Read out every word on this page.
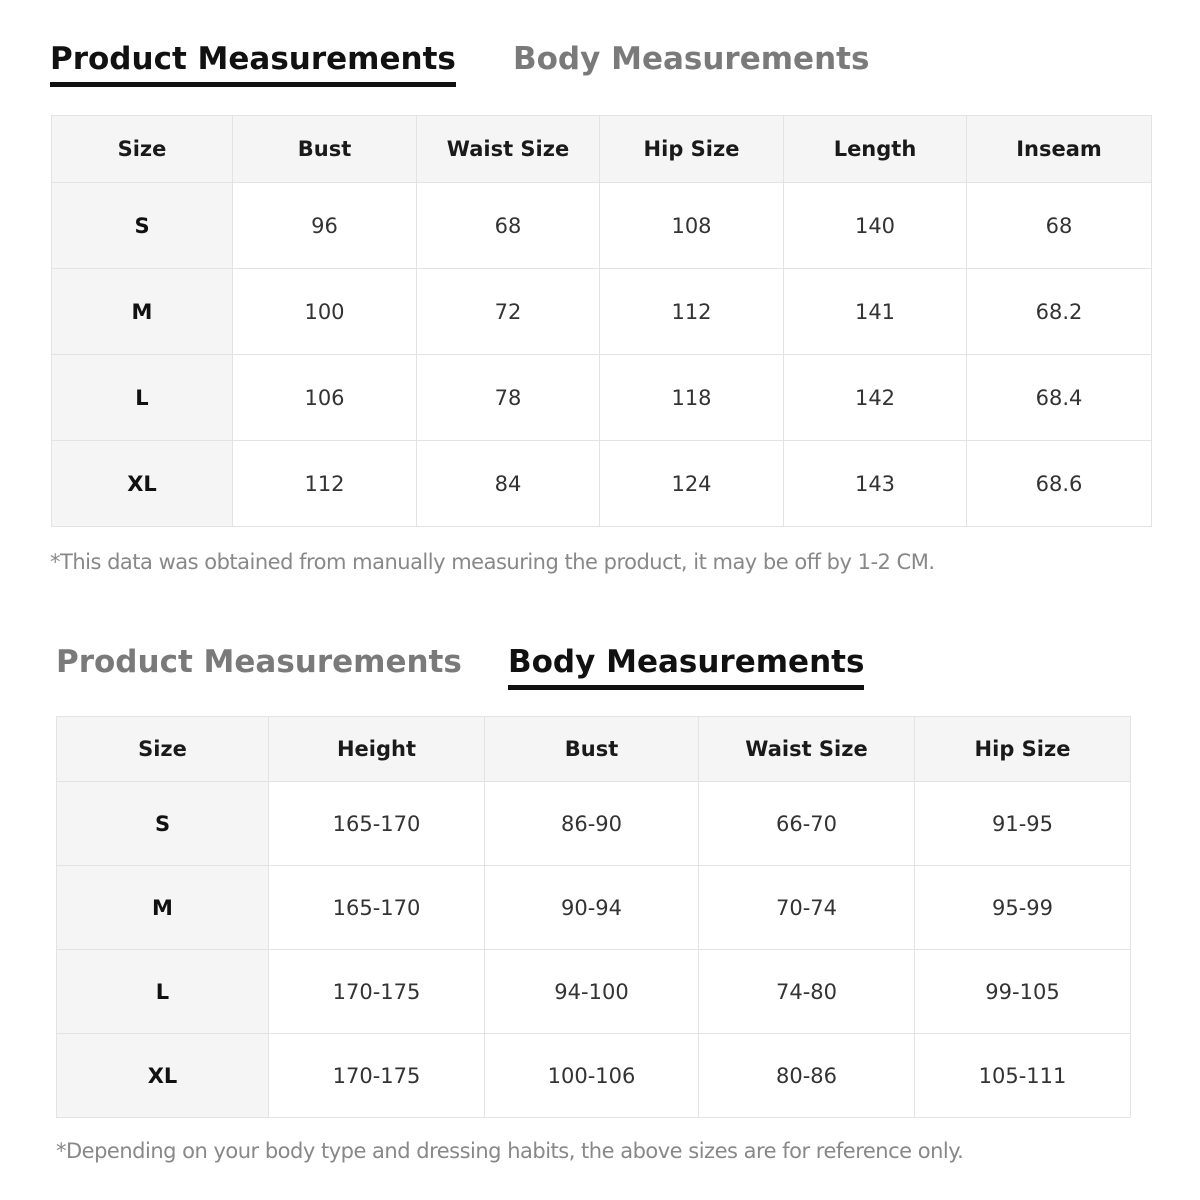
Product Measurements Body Measurements
Size	Bust	Waist Size	Hip Size	Length	Inseam
S	96	68	108	140	68
M	100	72	112	141	68.2
L	106	78	118	142	68.4
XL	112	84	124	143	68.6
*This data was obtained from manually measuring the product, it may be off by 1-2 CM.
Product Measurements Body Measurements
Size	Height	Bust	Waist Size	Hip Size
S	165-170	86-90	66-70	91-95
M	165-170	90-94	70-74	95-99
L	170-175	94-100	74-80	99-105
XL	170-175	100-106	80-86	105-111
*Depending on your body type and dressing habits, the above sizes are for reference only.
